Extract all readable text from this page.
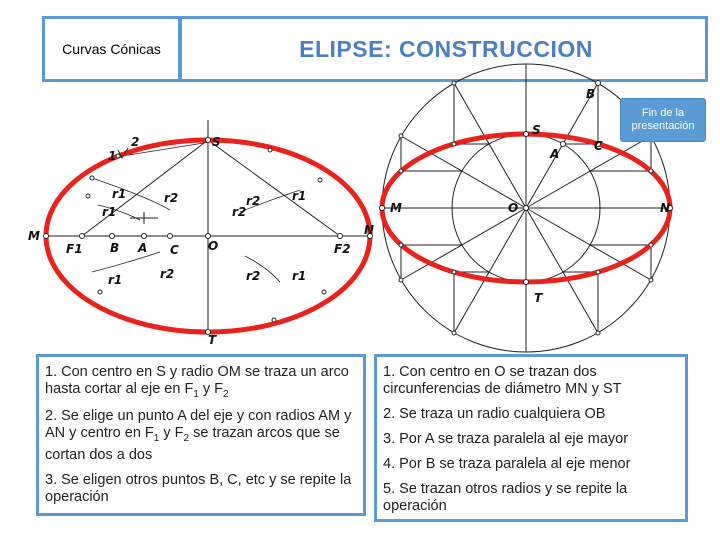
Curvas Cónicas	ELIPSE: CONSTRUCCION
S
T
M	N
O
F1	F2
B A C
1
2
r1
r1
r1
r1
r1
r2
r2
r2
r2	r2
B
S
A
C
M	N
O
T
Fin de la presentación
1. Con centro en S y radio OM se traza un arco hasta cortar al eje en $F_1$ y $F_2$
2. Se elige un punto A del eje y con radios AM y AN y centro en $F_1$ y $F_2$ se trazan arcos que se cortan dos a dos
3. Se eligen otros puntos B, C, etc y se repite la operación
1. Con centro en O se trazan dos circunferencias de diámetro MN y ST
2. Se traza un radio cualquiera OB
3. Por A se traza paralela al eje mayor
4. Por B se traza paralela al eje menor
5. Se trazan otros radios y se repite la operación
